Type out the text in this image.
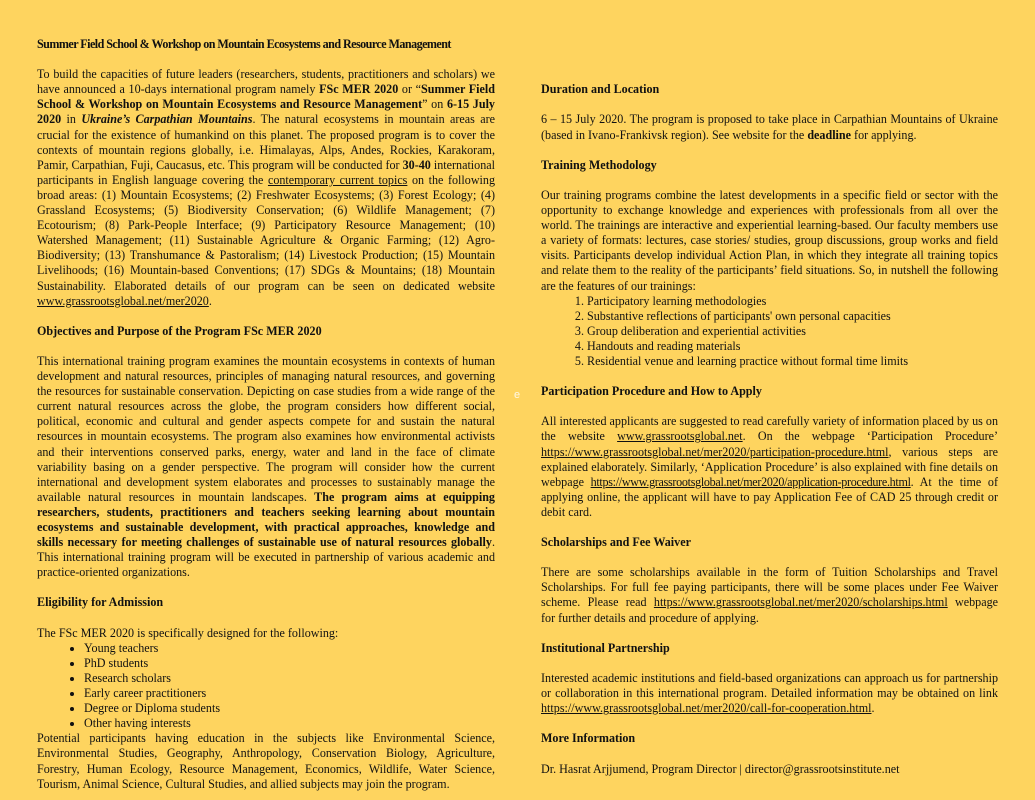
Summer Field School & Workshop on Mountain Ecosystems and Resource Management

To build the capacities of future leaders (researchers, students, practitioners and scholars) we have announced a 10-days international program namely FSc MER 2020 or “Summer Field School & Workshop on Mountain Ecosystems and Resource Management” on 6-15 July 2020 in Ukraine’s Carpathian Mountains. The natural ecosystems in mountain areas are crucial for the existence of humankind on this planet. The proposed program is to cover the contexts of mountain regions globally, i.e. Himalayas, Alps, Andes, Rockies, Karakoram, Pamir, Carpathian, Fuji, Caucasus, etc. This program will be conducted for 30-40 international participants in English language covering the contemporary current topics on the following broad areas: (1) Mountain Ecosystems; (2) Freshwater Ecosystems; (3) Forest Ecology; (4) Grassland Ecosystems; (5) Biodiversity Conservation; (6) Wildlife Management; (7) Ecotourism; (8) Park-People Interface; (9) Participatory Resource Management; (10) Watershed Management; (11) Sustainable Agriculture & Organic Farming; (12) Agro-Biodiversity; (13) Transhumance & Pastoralism; (14) Livestock Production; (15) Mountain Livelihoods; (16) Mountain-based Conventions; (17) SDGs & Mountains; (18) Mountain Sustainability. Elaborated details of our program can be seen on dedicated website www.grassrootsglobal.net/mer2020.

Objectives and Purpose of the Program FSc MER 2020

This international training program examines the mountain ecosystems in contexts of human development and natural resources, principles of managing natural resources, and governing the resources for sustainable conservation. Depicting on case studies from a wide range of the current natural resources across the globe, the program considers how different social, political, economic and cultural and gender aspects compete for and sustain the natural resources in mountain ecosystems. The program also examines how environmental activists and their interventions conserved parks, energy, water and land in the face of climate variability basing on a gender perspective. The program will consider how the current international and development system elaborates and processes to sustainably manage the available natural resources in mountain landscapes. The program aims at equipping researchers, students, practitioners and teachers seeking learning about mountain ecosystems and sustainable development, with practical approaches, knowledge and skills necessary for meeting challenges of sustainable use of natural resources globally. This international training program will be executed in partnership of various academic and practice-oriented organizations.

Eligibility for Admission

The FSc MER 2020 is specifically designed for the following:

• Young teachers
• PhD students
• Research scholars
• Early career practitioners
• Degree or Diploma students
• Other having interests

Potential participants having education in the subjects like Environmental Science, Environmental Studies, Geography, Anthropology, Conservation Biology, Agriculture, Forestry, Human Ecology, Resource Management, Economics, Wildlife, Water Science, Tourism, Animal Science, Cultural Studies, and allied subjects may join the program.

e

Duration and Location

6 – 15 July 2020. The program is proposed to take place in Carpathian Mountains of Ukraine (based in Ivano-Frankivsk region). See website for the deadline for applying.

Training Methodology

Our training programs combine the latest developments in a specific field or sector with the opportunity to exchange knowledge and experiences with professionals from all over the world. The trainings are interactive and experiential learning-based. Our faculty members use a variety of formats: lectures, case stories/ studies, group discussions, group works and field visits. Participants develop individual Action Plan, in which they integrate all training topics and relate them to the reality of the participants’ field situations. So, in nutshell the following are the features of our trainings:

1. Participatory learning methodologies
2. Substantive reflections of participants' own personal capacities
3. Group deliberation and experiential activities
4. Handouts and reading materials
5. Residential venue and learning practice without formal time limits

Participation Procedure and How to Apply

All interested applicants are suggested to read carefully variety of information placed by us on the website www.grassrootsglobal.net. On the webpage ‘Participation Procedure’ https://www.grassrootsglobal.net/mer2020/participation-procedure.html, various steps are explained elaborately. Similarly, ‘Application Procedure’ is also explained with fine details on webpage https://www.grassrootsglobal.net/mer2020/application-procedure.html. At the time of applying online, the applicant will have to pay Application Fee of CAD 25 through credit or debit card.

Scholarships and Fee Waiver

There are some scholarships available in the form of Tuition Scholarships and Travel Scholarships. For full fee paying participants, there will be some places under Fee Waiver scheme. Please read https://www.grassrootsglobal.net/mer2020/scholarships.html webpage for further details and procedure of applying.

Institutional Partnership

Interested academic institutions and field-based organizations can approach us for partnership or collaboration in this international program. Detailed information may be obtained on link https://www.grassrootsglobal.net/mer2020/call-for-cooperation.html.

More Information

Dr. Hasrat Arjjumend, Program Director | director@grassrootsinstitute.net
